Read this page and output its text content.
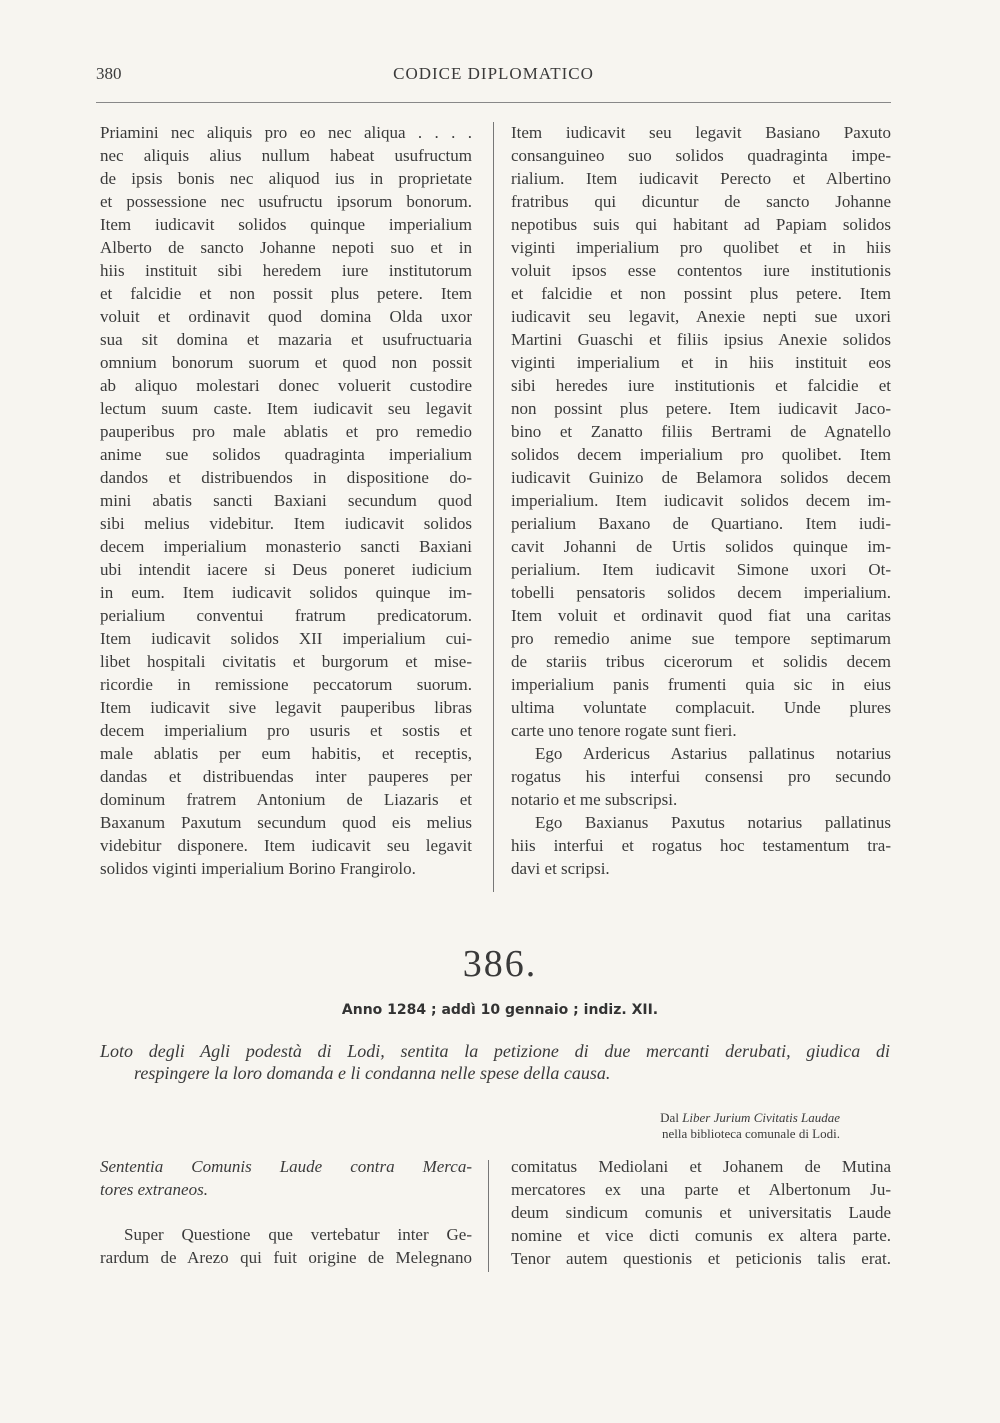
380	CODICE DIPLOMATICO

Priamini nec aliquis pro eo nec aliqua . . . .

nec aliquis alius nullum habeat usufructum

de ipsis bonis nec aliquod ius in proprietate

et possessione nec usufructu ipsorum bonorum.

Item iudicavit solidos quinque imperialium

Alberto de sancto Johanne nepoti suo et in

hiis instituit sibi heredem iure institutorum

et falcidie et non possit plus petere. Item

voluit et ordinavit quod domina Olda uxor

sua sit domina et mazaria et usufructuaria

omnium bonorum suorum et quod non possit

ab aliquo molestari donec voluerit custodire

lectum suum caste. Item iudicavit seu legavit

pauperibus pro male ablatis et pro remedio

anime sue solidos quadraginta imperialium

dandos et distribuendos in dispositione do-

mini abatis sancti Baxiani secundum quod

sibi melius videbitur. Item iudicavit solidos

decem imperialium monasterio sancti Baxiani

ubi intendit iacere si Deus poneret iudicium

in eum. Item iudicavit solidos quinque im-

perialium conventui fratrum predicatorum.

Item iudicavit solidos XII imperialium cui-

libet hospitali civitatis et burgorum et mise-

ricordie in remissione peccatorum suorum.

Item iudicavit sive legavit pauperibus libras

decem imperialium pro usuris et sostis et

male ablatis per eum habitis, et receptis,

dandas et distribuendas inter pauperes per

dominum fratrem Antonium de Liazaris et

Baxanum Paxutum secundum quod eis melius

videbitur disponere. Item iudicavit seu legavit

solidos viginti imperialium Borino Frangirolo.

Item iudicavit seu legavit Basiano Paxuto

consanguineo suo solidos quadraginta impe-

rialium. Item iudicavit Perecto et Albertino

fratribus qui dicuntur de sancto Johanne

nepotibus suis qui habitant ad Papiam solidos

viginti imperialium pro quolibet et in hiis

voluit ipsos esse contentos iure institutionis

et falcidie et non possint plus petere. Item

iudicavit seu legavit, Anexie nepti sue uxori

Martini Guaschi et filiis ipsius Anexie solidos

viginti imperialium et in hiis instituit eos

sibi heredes iure institutionis et falcidie et

non possint plus petere. Item iudicavit Jaco-

bino et Zanatto filiis Bertrami de Agnatello

solidos decem imperialium pro quolibet. Item

iudicavit Guinizo de Belamora solidos decem

imperialium. Item iudicavit solidos decem im-

perialium Baxano de Quartiano. Item iudi-

cavit Johanni de Urtis solidos quinque im-

perialium. Item iudicavit Simone uxori Ot-

tobelli pensatoris solidos decem imperialium.

Item voluit et ordinavit quod fiat una caritas

pro remedio anime sue tempore septimarum

de stariis tribus cicerorum et solidis decem

imperialium panis frumenti quia sic in eius

ultima voluntate complacuit. Unde plures

carte uno tenore rogate sunt fieri.

Ego Ardericus Astarius pallatinus notarius

rogatus his interfui consensi pro secundo

notario et me subscripsi.

Ego Baxianus Paxutus notarius pallatinus

hiis interfui et rogatus hoc testamentum tra-

davi et scripsi.

386.
Anno 1284 ; addì 10 gennaio ; indiz. XII.
Loto degli Agli podestà di Lodi, sentita la petizione di due mercanti derubati, giudica di
respingere la loro domanda e li condanna nelle spese della causa.
Dal Liber Jurium Civitatis Laudae
nella biblioteca comunale di Lodi.

Sententia Comunis Laude contra Merca-

tores extraneos.

Super Questione que vertebatur inter Ge-

rardum de Arezo qui fuit origine de Melegnano

comitatus Mediolani et Johanem de Mutina

mercatores ex una parte et Albertonum Ju-

deum sindicum comunis et universitatis Laude

nomine et vice dicti comunis ex altera parte.

Tenor autem questionis et peticionis talis erat.
